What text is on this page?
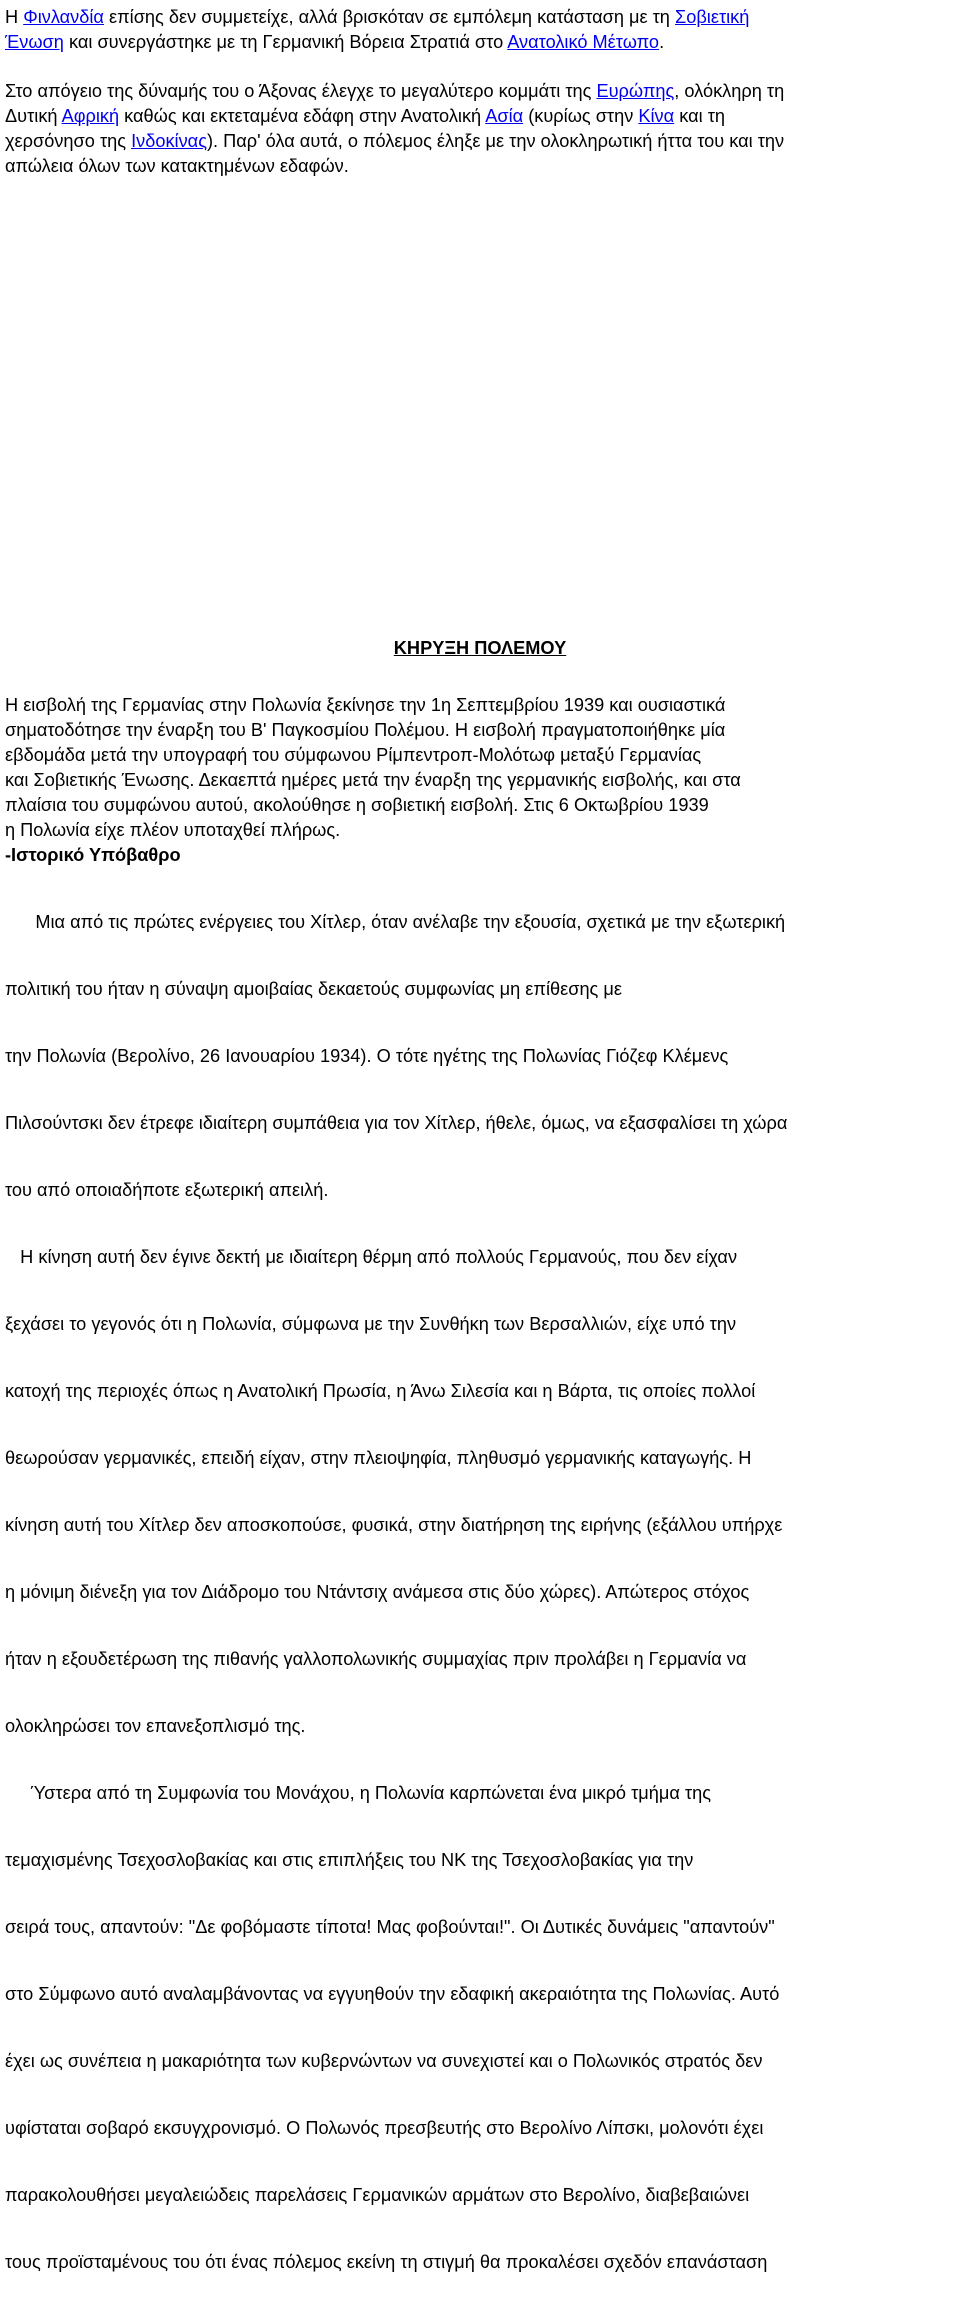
Η Φινλανδία επίσης δεν συμμετείχε, αλλά βρισκόταν σε εμπόλεμη κατάσταση με τη Σοβιετική
Ένωση και συνεργάστηκε με τη Γερμανική Βόρεια Στρατιά στο Ανατολικό Μέτωπο.
Στο απόγειο της δύναμής του ο Άξονας έλεγχε το μεγαλύτερο κομμάτι της Ευρώπης, ολόκληρη τη
Δυτική Αφρική καθώς και εκτεταμένα εδάφη στην Ανατολική Ασία (κυρίως στην Κίνα και τη
χερσόνησο της Ινδοκίνας). Παρ' όλα αυτά, ο πόλεμος έληξε με την ολοκληρωτική ήττα του και την
απώλεια όλων των κατακτημένων εδαφών.
ΚΗΡΥΞΗ ΠΟΛΕΜΟΥ
Η εισβολή της Γερμανίας στην Πολωνία ξεκίνησε την 1η Σεπτεμβρίου 1939 και ουσιαστικά
σηματοδότησε την έναρξη του Β' Παγκοσμίου Πολέμου. Η εισβολή πραγματοποιήθηκε μία
εβδομάδα μετά την υπογραφή του σύμφωνου Ρίμπεντροπ-Μολότωφ μεταξύ Γερμανίας
και Σοβιετικής Ένωσης. Δεκαεπτά ημέρες μετά την έναρξη της γερμανικής εισβολής, και στα
πλαίσια του συμφώνου αυτού, ακολούθησε η σοβιετική εισβολή. Στις 6 Οκτωβρίου 1939
η Πολωνία είχε πλέον υποταχθεί πλήρως.
-Ιστορικό Υπόβαθρο

Μια από τις πρώτες ενέργειες του Χίτλερ, όταν ανέλαβε την εξουσία, σχετικά με την εξωτερική

πολιτική του ήταν η σύναψη αμοιβαίας δεκαετούς συμφωνίας μη επίθεσης με

την Πολωνία (Βερολίνο, 26 Ιανουαρίου 1934). Ο τότε ηγέτης της Πολωνίας Γιόζεφ Κλέμενς

Πιλσούντσκι δεν έτρεφε ιδιαίτερη συμπάθεια για τον Χίτλερ, ήθελε, όμως, να εξασφαλίσει τη χώρα

του από οποιαδήποτε εξωτερική απειλή.

Η κίνηση αυτή δεν έγινε δεκτή με ιδιαίτερη θέρμη από πολλούς Γερμανούς, που δεν είχαν

ξεχάσει το γεγονός ότι η Πολωνία, σύμφωνα με την Συνθήκη των Βερσαλλιών, είχε υπό την

κατοχή της περιοχές όπως η Ανατολική Πρωσία, η Άνω Σιλεσία και η Βάρτα, τις οποίες πολλοί

θεωρούσαν γερμανικές, επειδή είχαν, στην πλειοψηφία, πληθυσμό γερμανικής καταγωγής. Η

κίνηση αυτή του Χίτλερ δεν αποσκοπούσε, φυσικά, στην διατήρηση της ειρήνης (εξάλλου υπήρχε

η μόνιμη διένεξη για τον Διάδρομο του Ντάντσιχ ανάμεσα στις δύο χώρες). Απώτερος στόχος

ήταν η εξουδετέρωση της πιθανής γαλλοπολωνικής συμμαχίας πριν προλάβει η Γερμανία να

ολοκληρώσει τον επανεξοπλισμό της.

Ύστερα από τη Συμφωνία του Μονάχου, η Πολωνία καρπώνεται ένα μικρό τμήμα της

τεμαχισμένης Τσεχοσλοβακίας και στις επιπλήξεις του ΝΚ της Τσεχοσλοβακίας για την

σειρά τους, απαντούν: "Δε φοβόμαστε τίποτα! Μας φοβούνται!". Οι Δυτικές δυνάμεις "απαντούν"

στο Σύμφωνο αυτό αναλαμβάνοντας να εγγυηθούν την εδαφική ακεραιότητα της Πολωνίας. Αυτό

έχει ως συνέπεια η μακαριότητα των κυβερνώντων να συνεχιστεί και ο Πολωνικός στρατός δεν

υφίσταται σοβαρό εκσυγχρονισμό. Ο Πολωνός πρεσβευτής στο Βερολίνο Λίπσκι, μολονότι έχει

παρακολουθήσει μεγαλειώδεις παρελάσεις Γερμανικών αρμάτων στο Βερολίνο, διαβεβαιώνει

τους προϊσταμένους του ότι ένας πόλεμος εκείνη τη στιγμή θα προκαλέσει σχεδόν επανάσταση
